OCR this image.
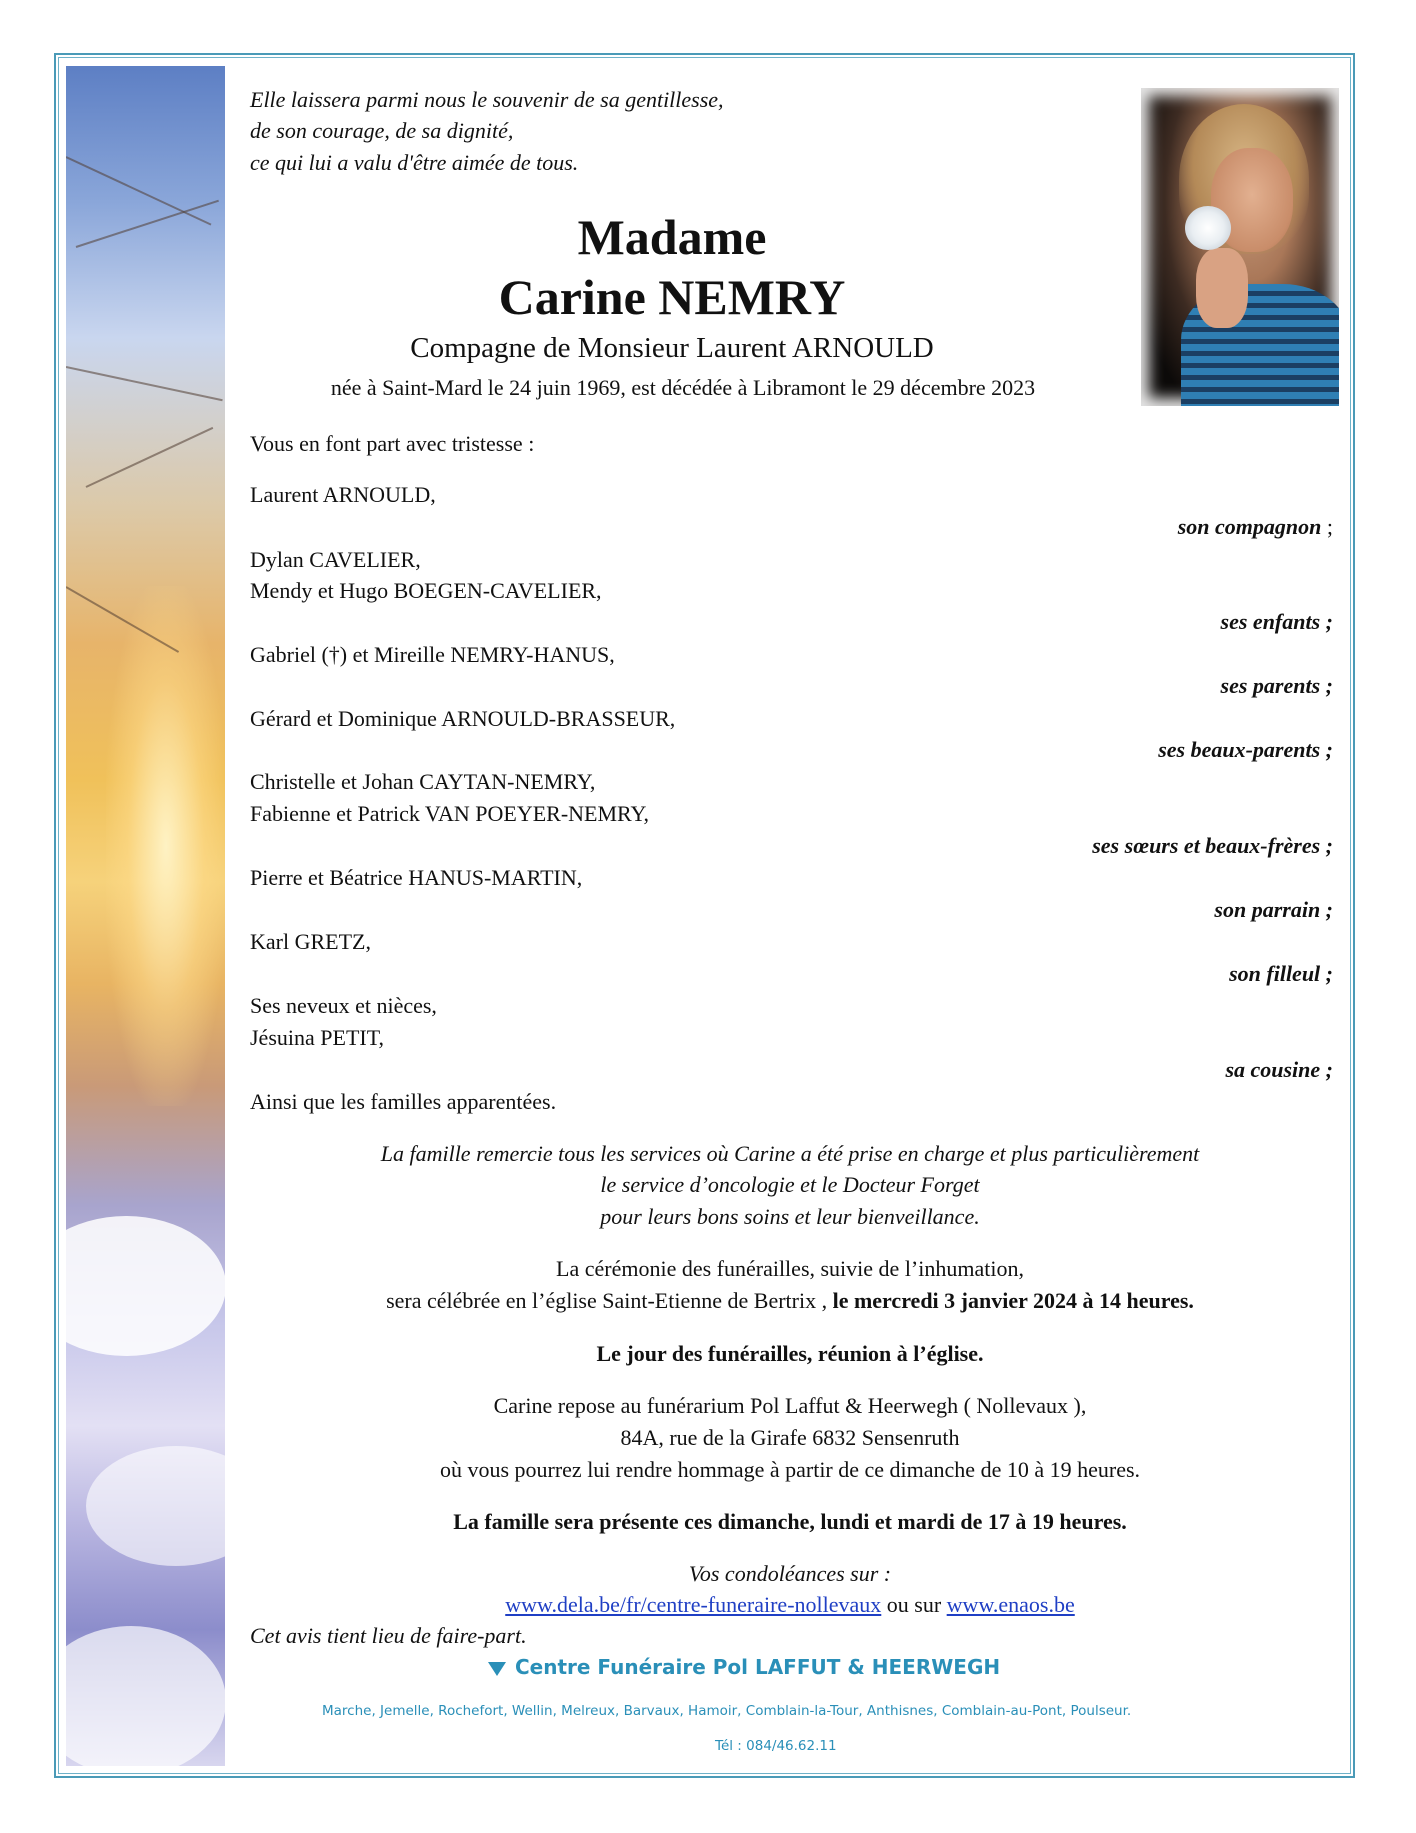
Elle laissera parmi nous le souvenir de sa gentillesse,
de son courage, de sa dignité,
ce qui lui a valu d'être aimée de tous.
Madame
Carine NEMRY
Compagne de Monsieur Laurent ARNOULD
née à Saint-Mard le 24 juin 1969, est décédée à Libramont le 29 décembre 2023
Vous en font part avec tristesse :
Laurent ARNOULD,
son compagnon ;
Dylan CAVELIER,
Mendy et Hugo BOEGEN-CAVELIER,
ses enfants ;
Gabriel (†) et Mireille NEMRY-HANUS,
ses parents ;
Gérard et Dominique ARNOULD-BRASSEUR,
ses beaux-parents ;
Christelle et Johan CAYTAN-NEMRY,
Fabienne et Patrick VAN POEYER-NEMRY,
ses sœurs et beaux-frères ;
Pierre et Béatrice HANUS-MARTIN,
son parrain ;
Karl GRETZ,
son filleul ;
Ses neveux et nièces,
Jésuina PETIT,
sa cousine ;
Ainsi que les familles apparentées.
La famille remercie tous les services où Carine a été prise en charge et plus particulièrement
le service d’oncologie et le Docteur Forget
pour leurs bons soins et leur bienveillance.
La cérémonie des funérailles, suivie de l’inhumation,
sera célébrée en l’église Saint-Etienne de Bertrix , le mercredi 3 janvier 2024 à 14 heures.
Le jour des funérailles, réunion à l’église.
Carine repose au funérarium Pol Laffut & Heerwegh ( Nollevaux ),
84A, rue de la Girafe 6832 Sensenruth
où vous pourrez lui rendre hommage à partir de ce dimanche de 10 à 19 heures.
La famille sera présente ces dimanche, lundi et mardi de 17 à 19 heures.
Vos condoléances sur :
www.dela.be/fr/centre-funeraire-nollevaux ou sur www.enaos.be
Cet avis tient lieu de faire-part.
Centre Funéraire Pol LAFFUT & HEERWEGH
Marche, Jemelle, Rochefort, Wellin, Melreux, Barvaux, Hamoir, Comblain-la-Tour, Anthisnes, Comblain-au-Pont, Poulseur.
Tél : 084/46.62.11
